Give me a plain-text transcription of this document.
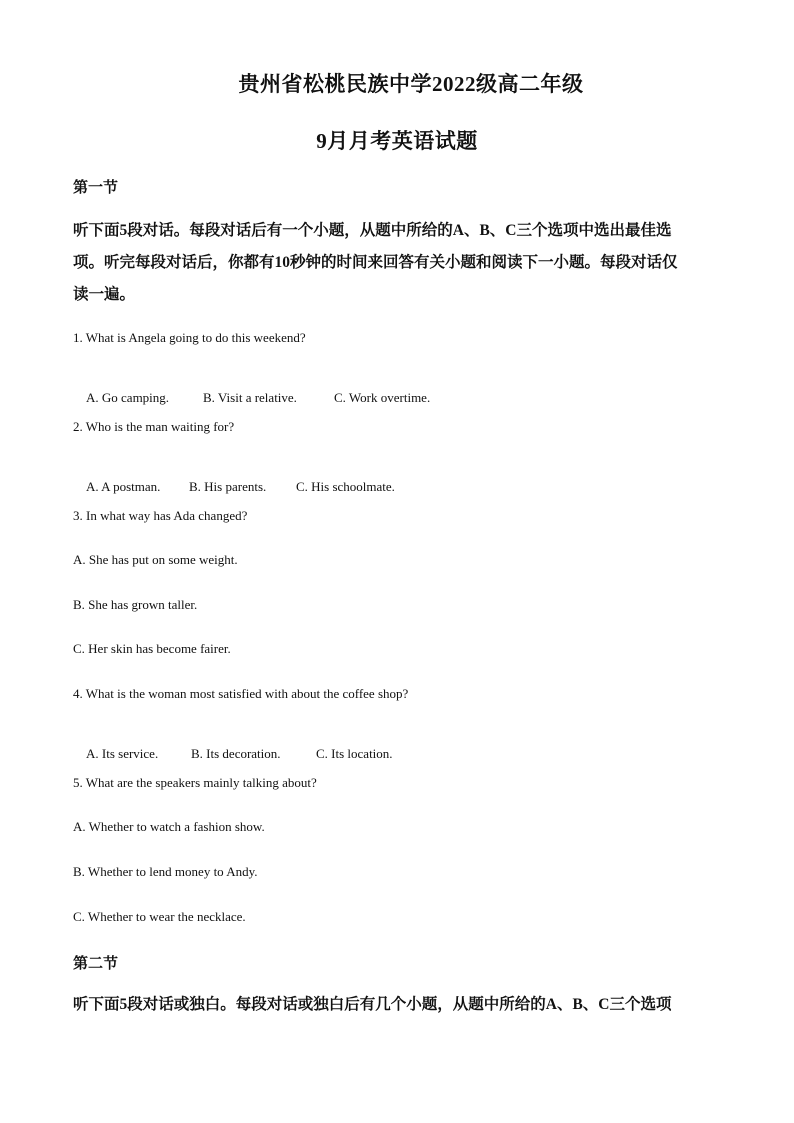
贵州省松桃民族中学2022级高二年级
9月月考英语试题
第一节
听下面5段对话。每段对话后有一个小题，从题中所给的A、B、C三个选项中选出最佳选
项。听完每段对话后，你都有10秒钟的时间来回答有关小题和阅读下一小题。每段对话仅
读一遍。
1. What is Angela going to do this weekend?

A. Go camping.	B. Visit a relative.	C. Work overtime.

2. Who is the man waiting for?

A. A postman. B. His parents. C. His schoolmate.

3. In what way has Ada changed?
A. She has put on some weight.
B. She has grown taller.
C. Her skin has become fairer.
4. What is the woman most satisfied with about the coffee shop?

A. Its service.	B. Its decoration.	C. Its location.

5. What are the speakers mainly talking about?
A. Whether to watch a fashion show.
B. Whether to lend money to Andy.
C. Whether to wear the necklace.
第二节
听下面5段对话或独白。每段对话或独白后有几个小题，从题中所给的A、B、C三个选项
